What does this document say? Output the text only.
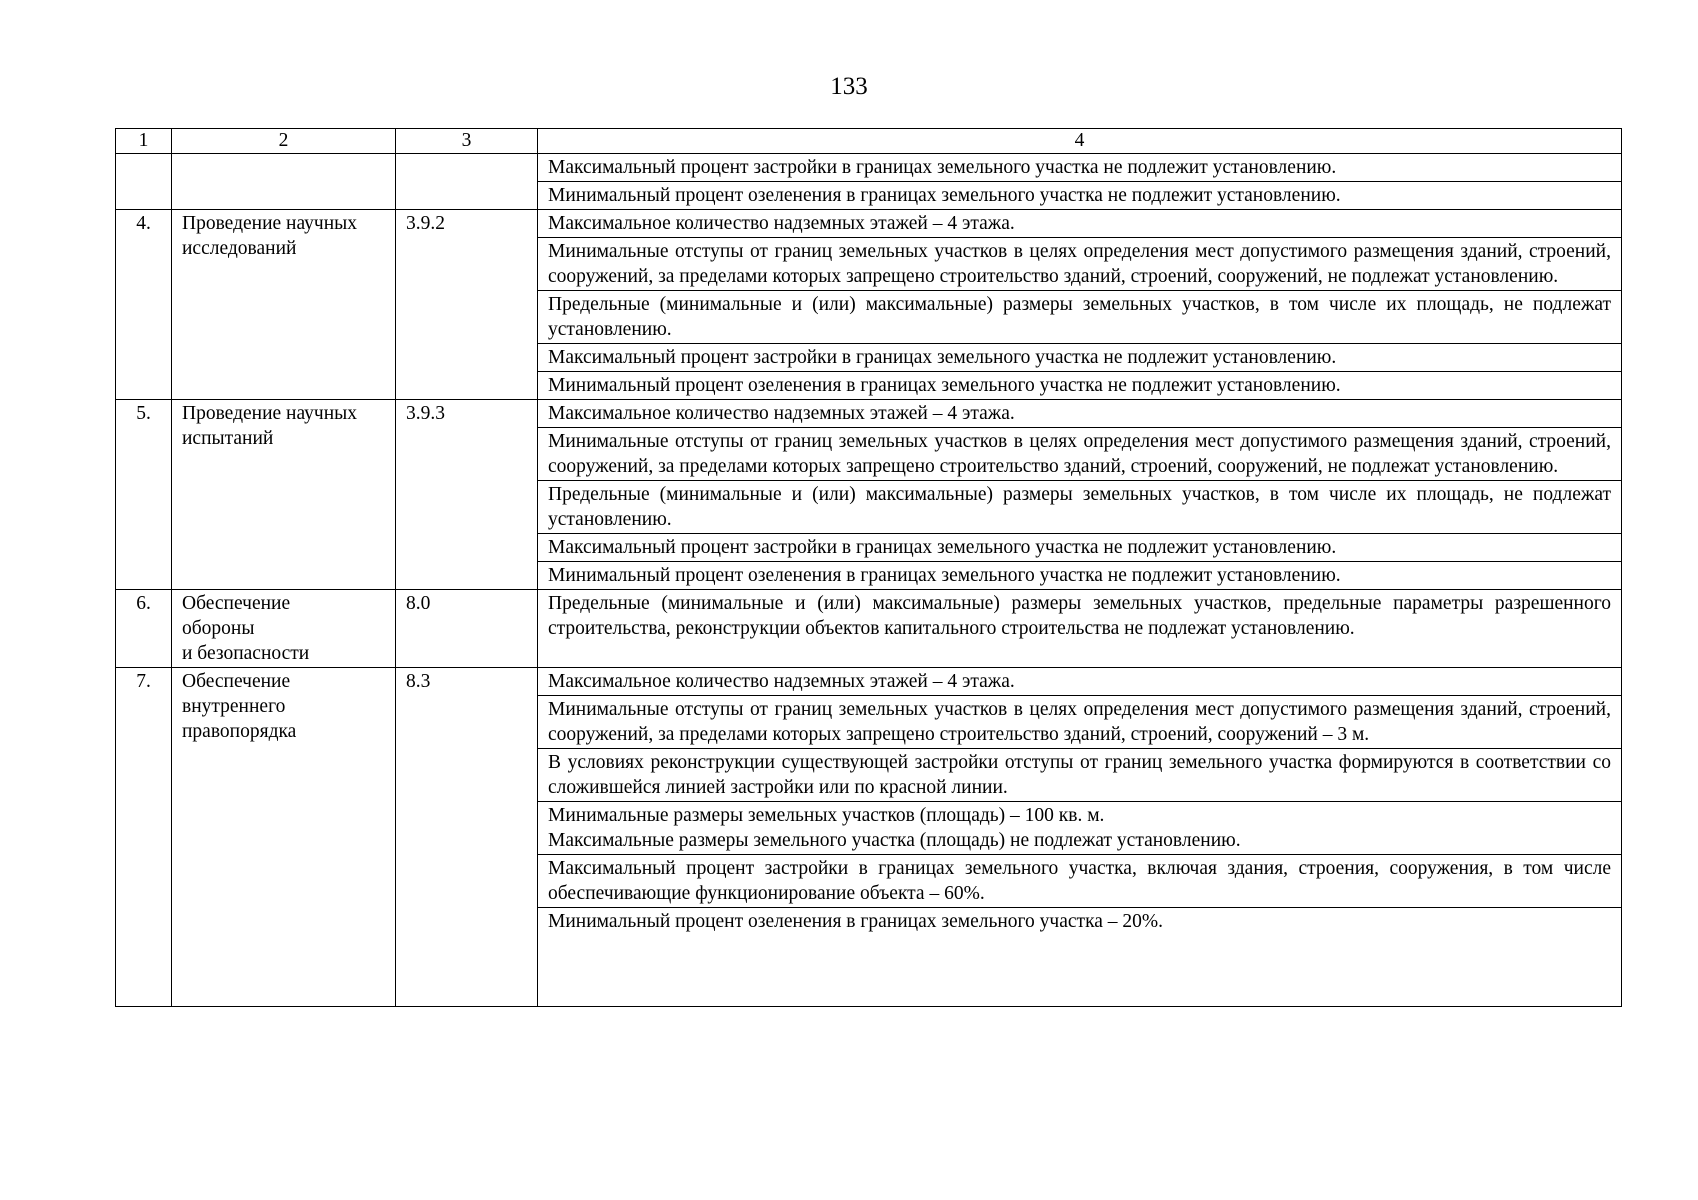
133
1	2	3	4
			Максимальный процент застройки в границах земельного участка не подлежит установлению.
			Минимальный процент озеленения в границах земельного участка не подлежит установлению.
4.	Проведение научных исследований	3.9.2	Максимальное количество надземных этажей – 4 этажа.
			Минимальные отступы от границ земельных участков в целях определения мест допустимого размещения зданий, строений, сооружений, за пределами которых запрещено строительство зданий, строений, сооружений, не подлежат установлению.
			Предельные (минимальные и (или) максимальные) размеры земельных участков, в том числе их площадь, не подлежат установлению.
			Максимальный процент застройки в границах земельного участка не подлежит установлению.
			Минимальный процент озеленения в границах земельного участка не подлежит установлению.
5.	Проведение научных испытаний	3.9.3	Максимальное количество надземных этажей – 4 этажа.
			Минимальные отступы от границ земельных участков в целях определения мест допустимого размещения зданий, строений, сооружений, за пределами которых запрещено строительство зданий, строений, сооружений, не подлежат установлению.
			Предельные (минимальные и (или) максимальные) размеры земельных участков, в том числе их площадь, не подлежат установлению.
			Максимальный процент застройки в границах земельного участка не подлежит установлению.
			Минимальный процент озеленения в границах земельного участка не подлежит установлению.
6.	Обеспечение
обороны
и безопасности	8.0	Предельные (минимальные и (или) максимальные) размеры земельных участков, предельные параметры разрешенного строительства, реконструкции объектов капитального строительства не подлежат установлению.
7.	Обеспечение
внутреннего
правопорядка	8.3	Максимальное количество надземных этажей – 4 этажа.
			Минимальные отступы от границ земельных участков в целях определения мест допустимого размещения зданий, строений, сооружений, за пределами которых запрещено строительство зданий, строений, сооружений – 3 м.
			В условиях реконструкции существующей застройки отступы от границ земельного участка формируются в соответствии со сложившейся линией застройки или по красной линии.

			Минимальные размеры земельных участков (площадь) – 100 кв. м.
Максимальные размеры земельного участка (площадь) не подлежат установлению.

			Максимальный процент застройки в границах земельного участка, включая здания, строения, сооружения, в том числе обеспечивающие функционирование объекта – 60%.
			Минимальный процент озеленения в границах земельного участка – 20%.
